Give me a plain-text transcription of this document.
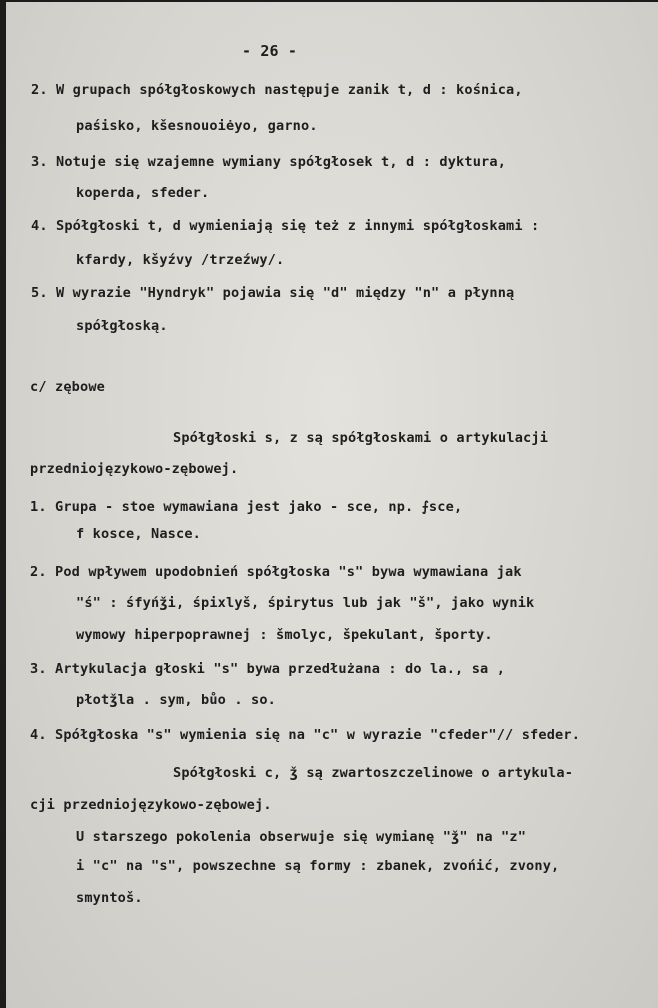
- 26 -
2. W grupach spółgłoskowych następuje zanik t, d : kośnica,
paśisko, kšesnouoiėyo, garno.
3. Notuje się wzajemne wymiany spółgłosek t, d : dyktura,
koperda, sfeder.
4. Spółgłoski t, d wymieniają się też z innymi spółgłoskami :
kfardy, kšyźvy /trzeźwy/.
5. W wyrazie "Hyndryk" pojawia się "d" między "n" a płynną
spółgłoską.
c/ zębowe
Spółgłoski s, z są spółgłoskami o artykulacji
przedniojęzykowo-zębowej.
1. Grupa - stoe wymawiana jest jako - sce, np. ⨍sce,
f kosce, Nasce.
2. Pod wpływem upodobnień spółgłoska "s" bywa wymawiana jak
"ś" : śfyńǯi, śpixlyš, śpirytus lub jak "š", jako wynik
wymowy hiperpoprawnej : šmolyc, špekulant, športy.
3. Artykulacja głoski "s" bywa przedłużana : do la., sa ,
płotǯla . sym, bůo . so.
4. Spółgłoska "s" wymienia się na "c" w wyrazie "cfeder"// sfeder.
Spółgłoski c, ǯ są zwartoszczelinowe o artykula-
cji przedniojęzykowo-zębowej.
U starszego pokolenia obserwuje się wymianę "ǯ" na "z"
i "c" na "s", powszechne są formy : zbanek, zvońić, zvony,
smyntoš.
